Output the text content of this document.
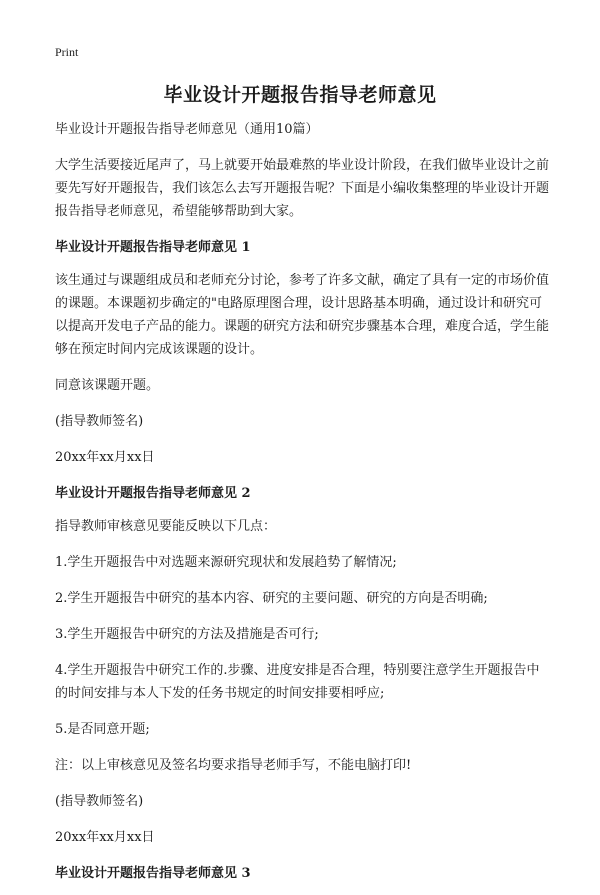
Print
毕业设计开题报告指导老师意见

毕业设计开题报告指导老师意见（通用10篇）

大学生活要接近尾声了，马上就要开始最难熬的毕业设计阶段，在我们做毕业设计之前要先写好开题报告，我们该怎么去写开题报告呢？下面是小编收集整理的毕业设计开题报告指导老师意见，希望能够帮助到大家。

毕业设计开题报告指导老师意见 1

该生通过与课题组成员和老师充分讨论，参考了许多文献，确定了具有一定的市场价值的课题。本课题初步确定的"电路原理图合理，设计思路基本明确，通过设计和研究可以提高开发电子产品的能力。课题的研究方法和研究步骤基本合理，难度合适，学生能够在预定时间内完成该课题的设计。

同意该课题开题。

(指导教师签名)

20xx年xx月xx日

毕业设计开题报告指导老师意见 2

指导教师审核意见要能反映以下几点：

1.学生开题报告中对选题来源研究现状和发展趋势了解情况;

2.学生开题报告中研究的基本内容、研究的主要问题、研究的方向是否明确;

3.学生开题报告中研究的方法及措施是否可行;

4.学生开题报告中研究工作的.步骤、进度安排是否合理，特别要注意学生开题报告中的时间安排与本人下发的任务书规定的时间安排要相呼应;

5.是否同意开题;

注：以上审核意见及签名均要求指导老师手写，不能电脑打印!

(指导教师签名)

20xx年xx月xx日

毕业设计开题报告指导老师意见 3
